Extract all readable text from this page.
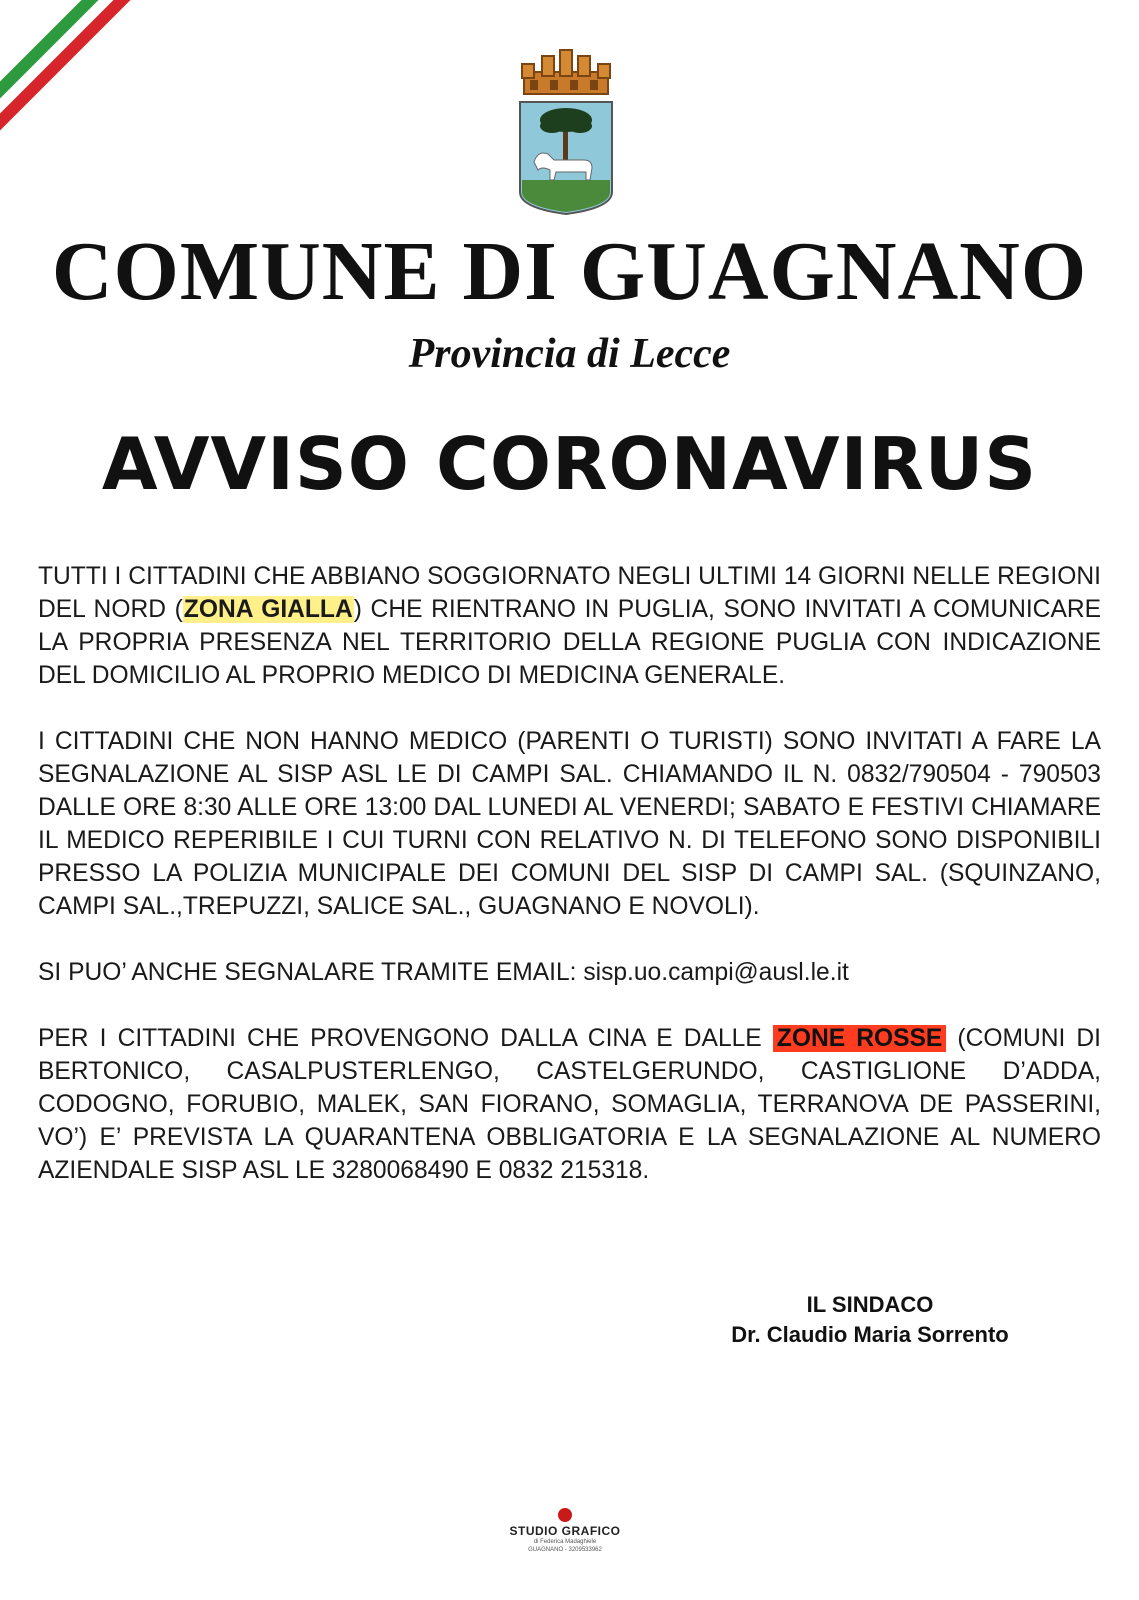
COMUNE DI GUAGNANO
Provincia di Lecce
AVVISO CORONAVIRUS

TUTTI I CITTADINI CHE ABBIANO SOGGIORNATO NEGLI ULTIMI 14 GIORNI NELLE REGIONI DEL NORD (ZONA GIALLA) CHE RIENTRANO IN PUGLIA, SONO INVITATI A COMUNICARE LA PROPRIA PRESENZA NEL TERRITORIO DELLA REGIONE PUGLIA CON INDICAZIONE DEL DOMICILIO AL PROPRIO MEDICO DI MEDICINA GENERALE.

I CITTADINI CHE NON HANNO MEDICO (PARENTI O TURISTI) SONO INVITATI A FARE LA SEGNALAZIONE AL SISP ASL LE DI CAMPI SAL. CHIAMANDO IL N. 0832/790504 - 790503 DALLE ORE 8:30 ALLE ORE 13:00 DAL LUNEDI AL VENERDI; SABATO E FESTIVI CHIAMARE IL MEDICO REPERIBILE I CUI TURNI CON RELATIVO N. DI TELEFONO SONO DISPONIBILI PRESSO LA POLIZIA MUNICIPALE DEI COMUNI DEL SISP DI CAMPI SAL. (SQUINZANO, CAMPI SAL.,TREPUZZI, SALICE SAL., GUAGNANO E NOVOLI).

SI PUO’ ANCHE SEGNALARE TRAMITE EMAIL: sisp.uo.campi@ausl.le.it

PER I CITTADINI CHE PROVENGONO DALLA CINA E DALLE ZONE ROSSE (COMUNI DI BERTONICO, CASALPUSTERLENGO, CASTELGERUNDO, CASTIGLIONE D’ADDA, CODOGNO, FORUBIO, MALEK, SAN FIORANO, SOMAGLIA, TERRANOVA DE PASSERINI, VO’) E’ PREVISTA LA QUARANTENA OBBLIGATORIA E LA SEGNALAZIONE AL NUMERO AZIENDALE SISP ASL LE 3280068490 E 0832 215318.

IL SINDACO
Dr. Claudio Maria Sorrento
STUDIO GRAFICO
di Federica Madaghiele
GUAGNANO - 3209533962
